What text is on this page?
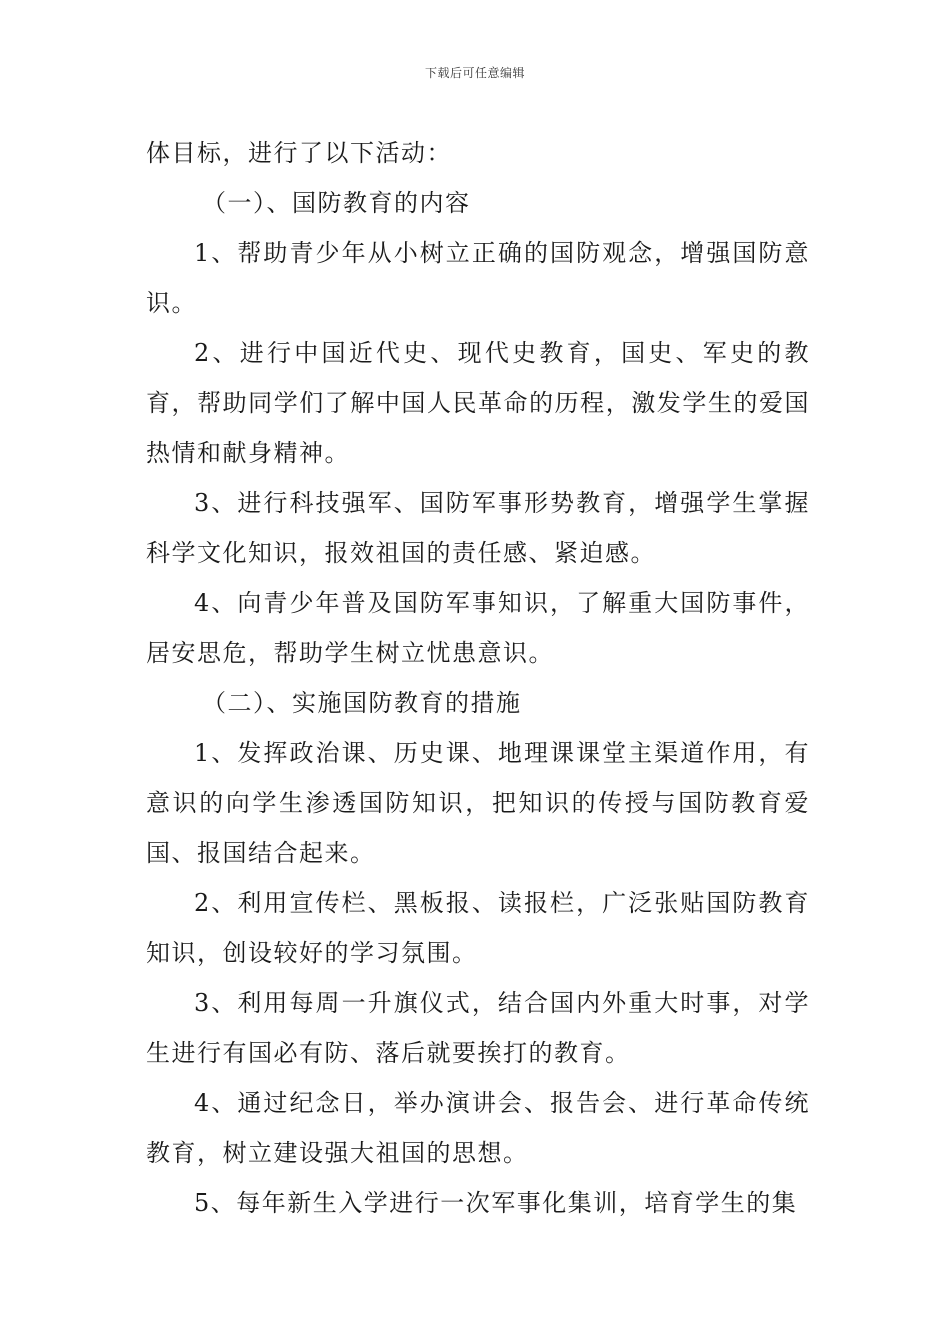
下载后可任意编辑

体目标，进行了以下活动：

（一）、国防教育的内容

1、帮助青少年从小树立正确的国防观念，增强国防意识。

2、进行中国近代史、现代史教育，国史、军史的教育，帮助同学们了解中国人民革命的历程，激发学生的爱国热情和献身精神。

3、进行科技强军、国防军事形势教育，增强学生掌握科学文化知识，报效祖国的责任感、紧迫感。

4、向青少年普及国防军事知识，了解重大国防事件，居安思危，帮助学生树立忧患意识。

（二）、实施国防教育的措施

1、发挥政治课、历史课、地理课课堂主渠道作用，有意识的向学生渗透国防知识，把知识的传授与国防教育爱国、报国结合起来。

2、利用宣传栏、黑板报、读报栏，广泛张贴国防教育知识，创设较好的学习氛围。

3、利用每周一升旗仪式，结合国内外重大时事，对学生进行有国必有防、落后就要挨打的教育。

4、通过纪念日，举办演讲会、报告会、进行革命传统教育，树立建设强大祖国的思想。

5、每年新生入学进行一次军事化集训，培育学生的集
